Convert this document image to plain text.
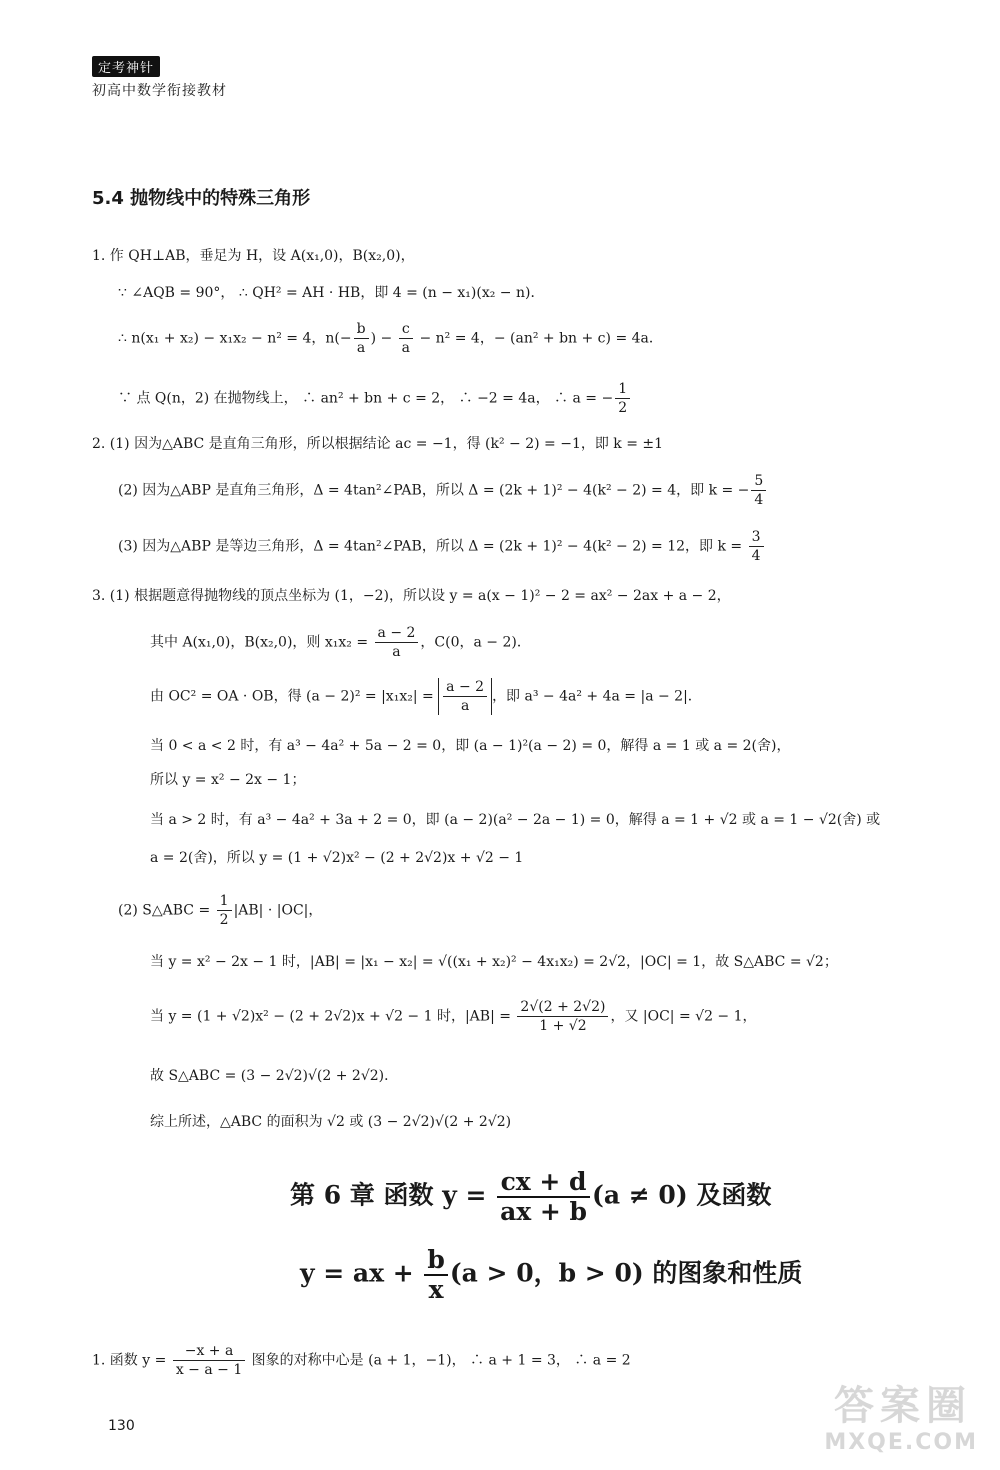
定考神针
初高中数学衔接教材
5.4 抛物线中的特殊三角形
1. 作 QH⊥AB，垂足为 H，设 A(x₁,0)，B(x₂,0)，
∵ ∠AQB = 90°， ∴ QH² = AH · HB，即 4 = (n − x₁)(x₂ − n)．
∴ n(x₁ + x₂) − x₁x₂ − n² = 4，$n(- \frac{b}{a}$ ) − $\frac{c}{a} - n^2 = 4$，− (an² + bn + c) = 4a．
∵ 点 Q(n，2) 在抛物线上， ∴ an² + bn + c = 2， ∴ −2 = 4a， ∴ a = − $\frac{1}{2}$
2. (1) 因为△ABC 是直角三角形，所以根据结论 ac = −1，得 (k² − 2) = −1，即 k = ±1
(2) 因为△ABP 是直角三角形，Δ = 4tan²∠PAB，所以 Δ = (2k + 1)² − 4(k² − 2) = 4，即 k = − $\frac{5}{4}$
(3) 因为△ABP 是等边三角形，Δ = 4tan²∠PAB，所以 Δ = (2k + 1)² − 4(k² − 2) = 12，即 $k = \frac{3}{4}$
3. (1) 根据题意得抛物线的顶点坐标为 (1，−2)，所以设 y = a(x − 1)² − 2 = ax² − 2ax + a − 2，
其中 A(x₁,0)，B(x₂,0)，则 $x_1x_2 = \frac{a - 2}{a}$ ，C(0，a − 2)．
由 OC² = OA · OB，得 $(a - 2)^2 = |x_1x_2| = \frac{a - 2}{a}$ ，即 a³ − 4a² + 4a = |a − 2|．
当 0 < a < 2 时，有 a³ − 4a² + 5a − 2 = 0，即 (a − 1)²(a − 2) = 0，解得 a = 1 或 a = 2(舍)，
所以 y = x² − 2x − 1；
当 a > 2 时，有 a³ − 4a² + 3a + 2 = 0，即 (a − 2)(a² − 2a − 1) = 0，解得 a = 1 + √2 或 a = 1 − √2(舍) 或
a = 2(舍)，所以 y = (1 + √2)x² − (2 + 2√2)x + √2 − 1
(2) S△ABC = $\frac{1}{2} |AB| \cdot |OC|$，
当 y = x² − 2x − 1 时，|AB| = |x₁ − x₂| = √((x₁ + x₂)² − 4x₁x₂) = 2√2，|OC| = 1，故 S△ABC = √2；
当 y = (1 + √2)x² − (2 + 2√2)x + √2 − 1 时，$|AB| = \frac{2√(2 + 2√2)}{1 + √2}$ ，又 |OC| = √2 − 1，
故 S△ABC = (3 − 2√2)√(2 + 2√2)．
综上所述，△ABC 的面积为 √2 或 (3 − 2√2)√(2 + 2√2)
第 6 章 函数 $y = \frac{cx + d}{ax + b} (a \ne 0)$ 及函数
y = ax + $\frac{b}{x} (a > 0$，b > 0) 的图象和性质
1. 函数 $y = \frac{-x + a}{x - a - 1}$ 图象的对称中心是 (a + 1，−1)， ∴ a + 1 = 3， ∴ a = 2
130	答案圈
MXQE.COM
